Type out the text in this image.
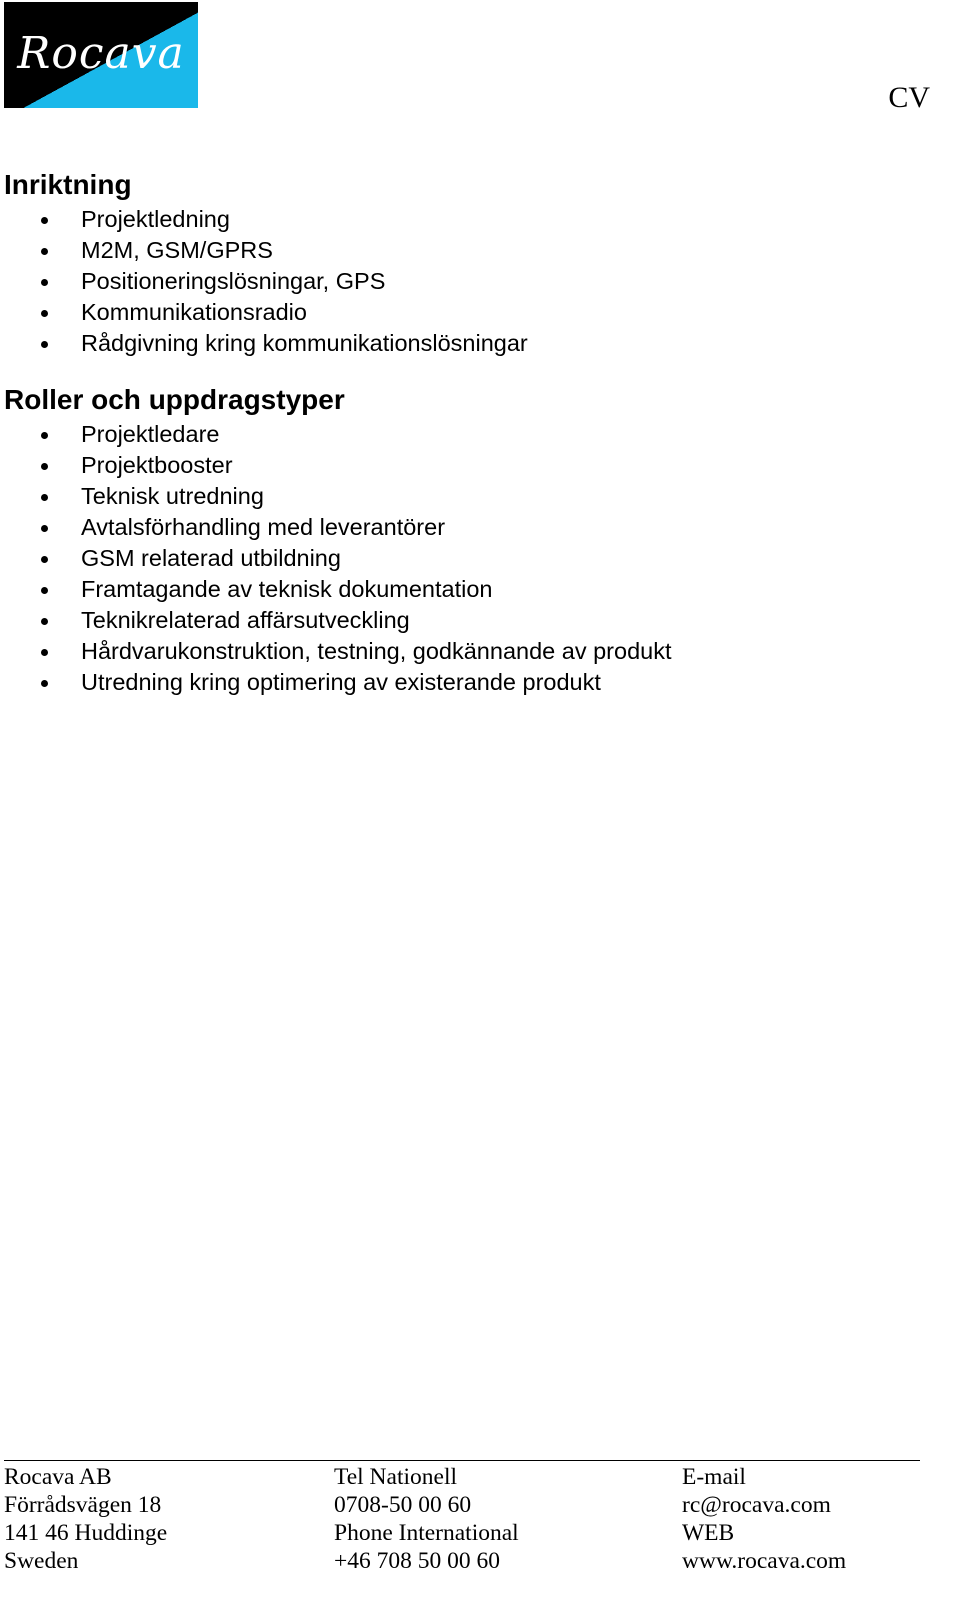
Rocava
CV
Inriktning
Projektledning
M2M, GSM/GPRS
Positioneringslösningar, GPS
Kommunikationsradio
Rådgivning kring kommunikationslösningar
Roller och uppdragstyper
Projektledare
Projektbooster
Teknisk utredning
Avtalsförhandling med leverantörer
GSM relaterad utbildning
Framtagande av teknisk dokumentation
Teknikrelaterad affärsutveckling
Hårdvarukonstruktion, testning, godkännande av produkt
Utredning kring optimering av existerande produkt
Rocava AB
Förrådsvägen 18
141 46 Huddinge
Sweden
Tel Nationell
0708-50 00 60
Phone International
+46 708 50 00 60
E-mail
rc@rocava.com
WEB
www.rocava.com
